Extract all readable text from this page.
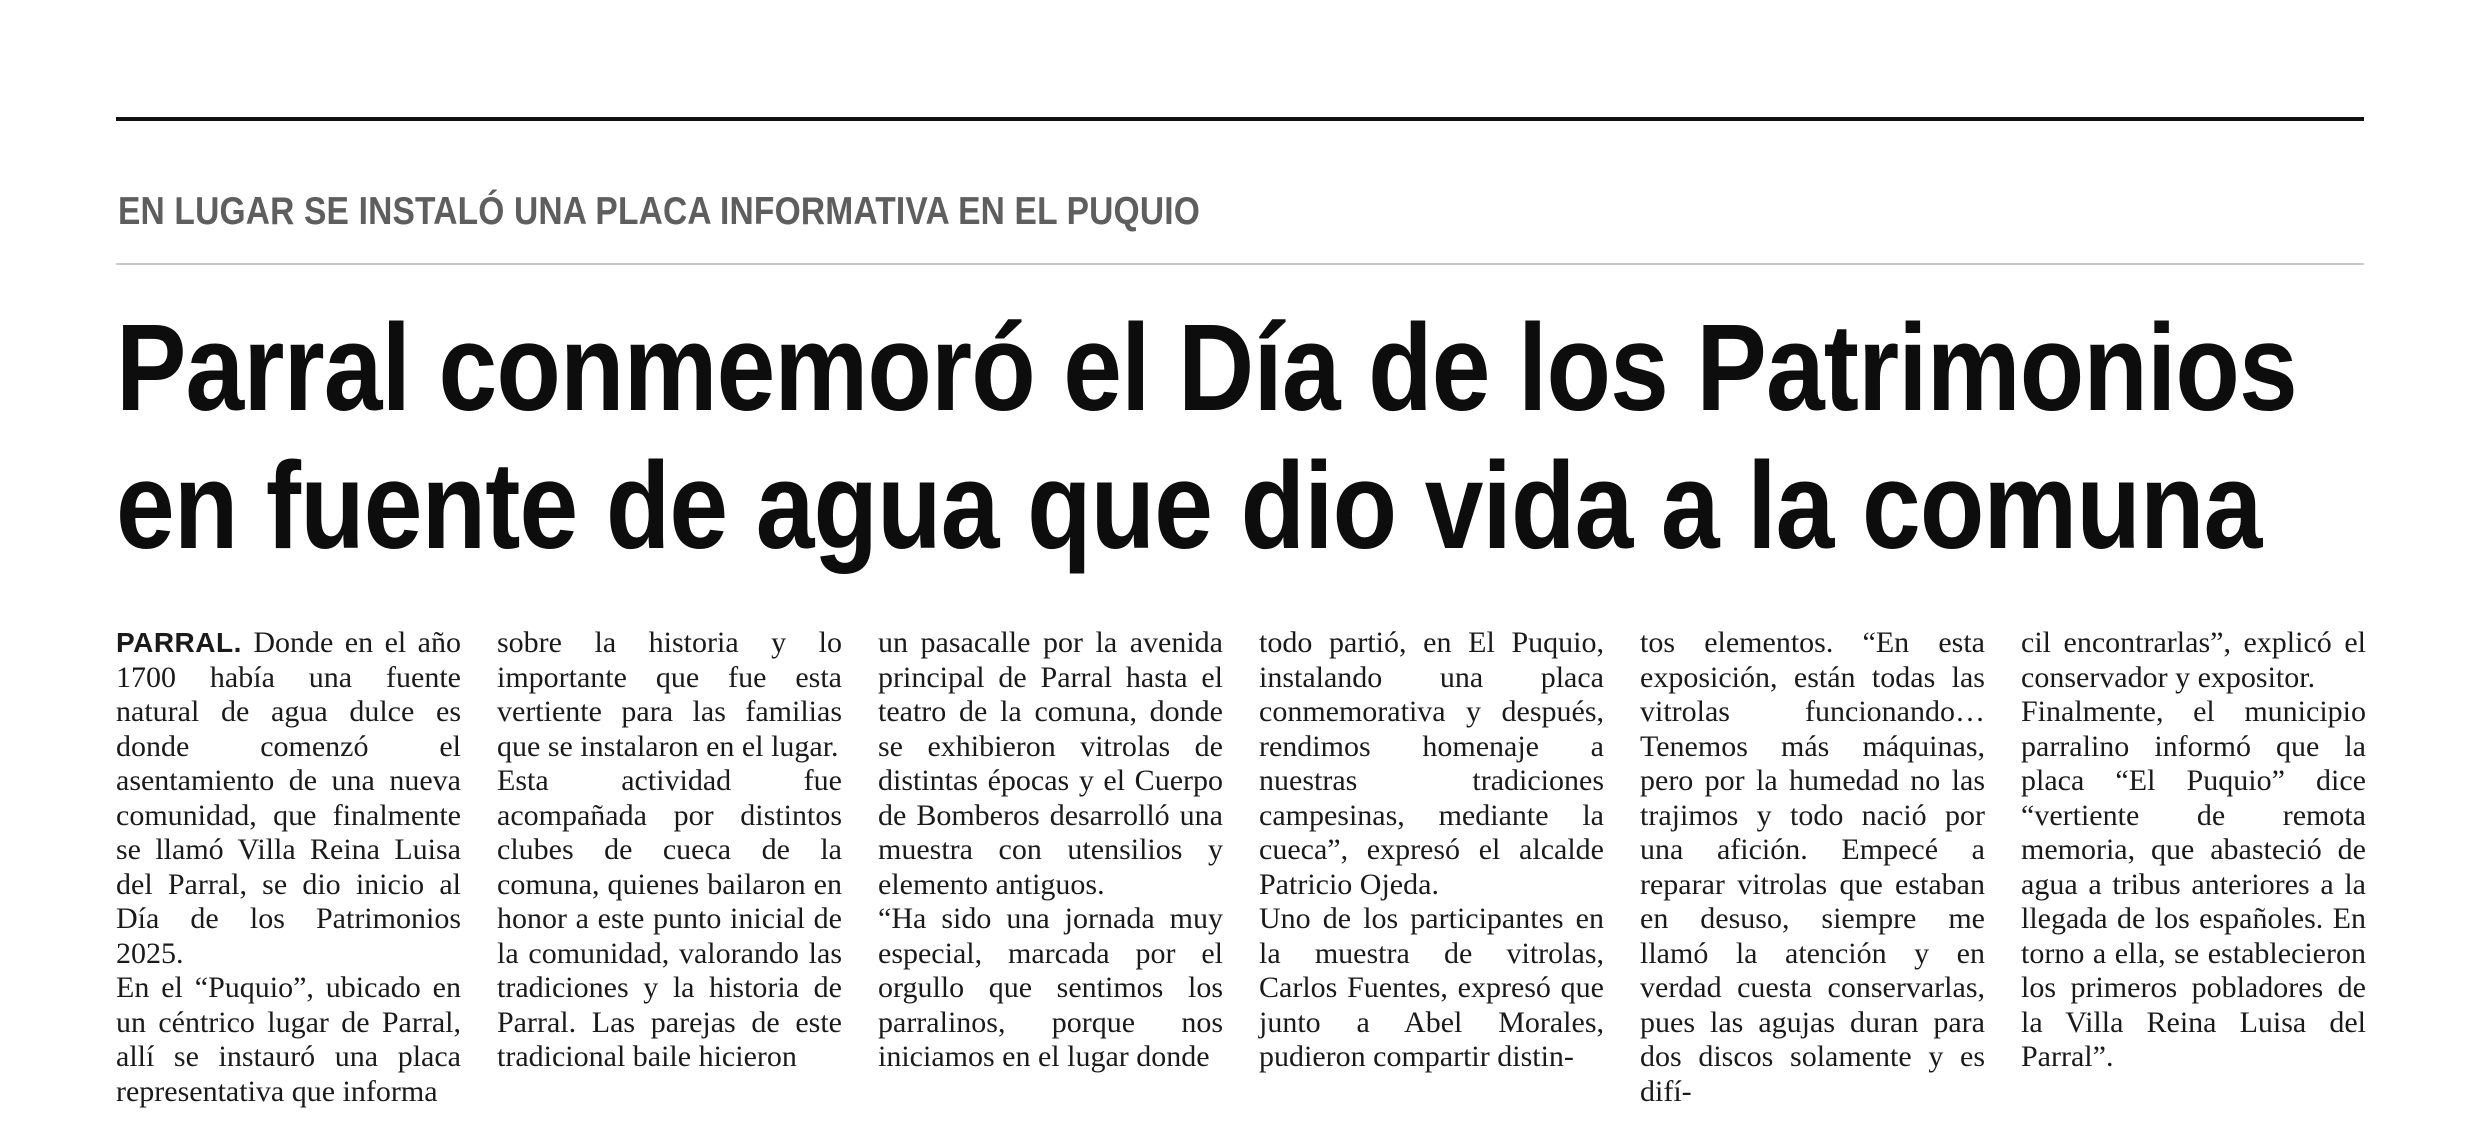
EN LUGAR SE INSTALÓ UNA PLACA INFORMATIVA EN EL PUQUIO
Parral conmemoró el Día de los Patrimonios
en fuente de agua que dio vida a la comuna

PARRAL. Donde en el año 1700 había una fuente natural de agua dulce es donde comenzó el asentamiento de una nueva comunidad, que finalmente se llamó Villa Reina Luisa del Parral, se dio inicio al Día de los Patrimonios 2025.

En el “Puquio”, ubicado en un céntrico lugar de Parral, allí se instauró una placa representativa que informa

sobre la historia y lo importante que fue esta vertiente para las familias que se instalaron en el lugar.

Esta actividad fue acompañada por distintos clubes de cueca de la comuna, quienes bailaron en honor a este punto inicial de la comunidad, valorando las tradiciones y la historia de Parral. Las parejas de este tradicional baile hicieron

un pasacalle por la avenida principal de Parral hasta el teatro de la comuna, donde se exhibieron vitrolas de distintas épocas y el Cuerpo de Bomberos desarrolló una muestra con utensilios y elemento antiguos.

“Ha sido una jornada muy especial, marcada por el orgullo que sentimos los parralinos, porque nos iniciamos en el lugar donde

todo partió, en El Puquio, instalando una placa conmemorativa y después, rendimos homenaje a nuestras tradiciones campesinas, mediante la cueca”, expresó el alcalde Patricio Ojeda.

Uno de los participantes en la muestra de vitrolas, Carlos Fuentes, expresó que junto a Abel Morales, pudieron compartir distin-

tos elementos. “En esta exposición, están todas las vitrolas funcionando… Tenemos más máquinas, pero por la humedad no las trajimos y todo nació por una afición. Empecé a reparar vitrolas que estaban en desuso, siempre me llamó la atención y en verdad cuesta conservarlas, pues las agujas duran para dos discos solamente y es difí-

cil encontrarlas”, explicó el conservador y expositor.

Finalmente, el municipio parralino informó que la placa “El Puquio” dice “vertiente de remota memoria, que abasteció de agua a tribus anteriores a la llegada de los españoles. En torno a ella, se establecieron los primeros pobladores de la Villa Reina Luisa del Parral”.
